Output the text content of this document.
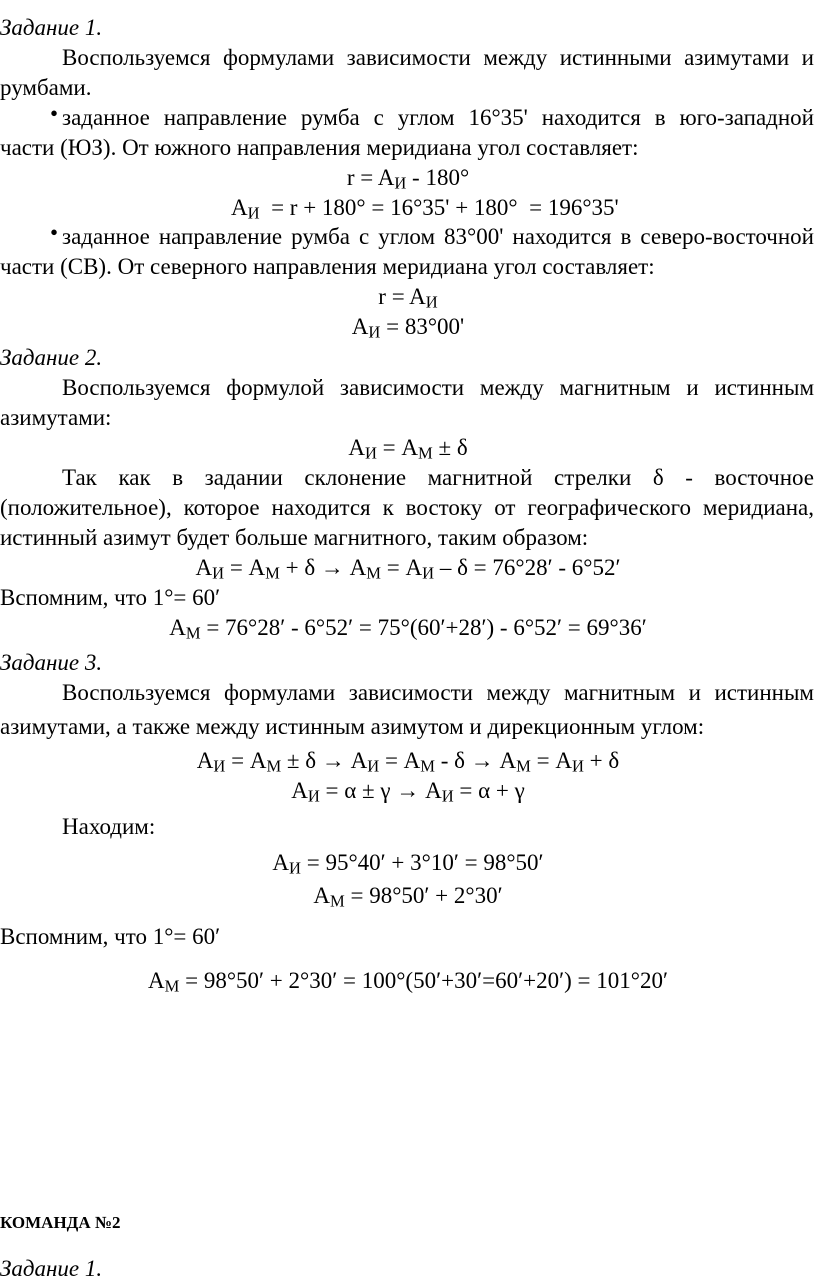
Задание 1.
Воспользуемся формулами зависимости между истинными азимутами и
румбами.
• заданное направление румба с углом 16°35' находится в юго-западной
части (ЮЗ). От южного направления меридиана угол составляет:
$r = A_И - 180^\circ$
$A_И = r + 180^\circ = 16^\circ 35' + 180^\circ = 196^\circ 35'$
• заданное направление румба с углом 83°00' находится в северо-восточной
части (СВ). От северного направления меридиана угол составляет:
$r = A_И$
$A_И = 83^\circ 00'$
Задание 2.
Воспользуемся формулой зависимости между магнитным и истинным
азимутами:
$A_И = A_М \pm \delta$
Так как в задании склонение магнитной стрелки δ - восточное
(положительное), которое находится к востоку от географического меридиана,
истинный азимут будет больше магнитного, таким образом:
$A_И = A_М + \delta \to A_М = A_И - \delta = 76^\circ 28' - 6^\circ 52'$
Вспомним, что 1°= 60′
$A_М = 76^\circ 28' - 6^\circ 52' = 75^\circ(60'+28') - 6^\circ 52' = 69^\circ 36'$
Задание 3.
Воспользуемся формулами зависимости между магнитным и истинным
азимутами, а также между истинным азимутом и дирекционным углом:
$A_И = A_М \pm \delta \to A_И = A_М - \delta \to A_М = A_И + \delta$
$A_И = \alpha \pm \gamma \to A_И = \alpha + \gamma$
Находим:
$A_И = 95^\circ 40' + 3^\circ 10' = 98^\circ 50'$
$A_М = 98^\circ 50' + 2^\circ 30'$
Вспомним, что 1°= 60′
$A_М = 98^\circ 50' + 2^\circ 30' = 100^\circ(50'+30'=60'+20') = 101^\circ 20'$
КОМАНДА №2
Задание 1.
